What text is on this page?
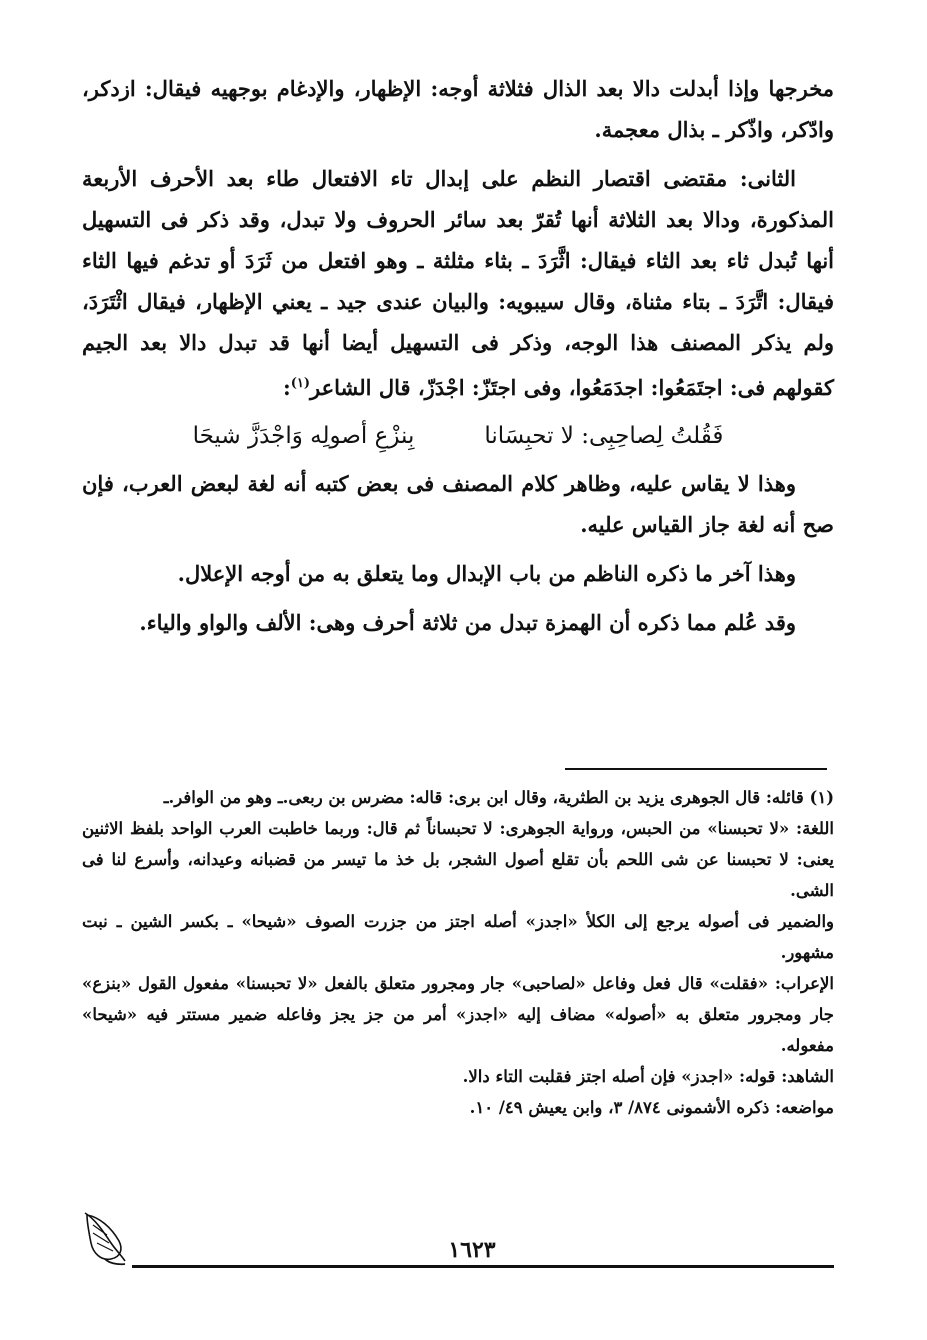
مخرجها وإذا أبدلت دالا بعد الذال فثلاثة أوجه: الإظهار، والإدغام بوجهيه فيقال: ازدكر، وادّكر، واذّكر ـ بذال معجمة.

الثانى: مقتضى اقتصار النظم على إبدال تاء الافتعال طاء بعد الأحرف الأربعة المذكورة، ودالا بعد الثلاثة أنها تُقرّ بعد سائر الحروف ولا تبدل، وقد ذكر فى التسهيل أنها تُبدل ثاء بعد الثاء فيقال: اثَّرَدَ ـ بثاء مثلثة ـ وهو افتعل من ثَرَدَ أو تدغم فيها الثاء فيقال: اتَّرَدَ ـ بتاء مثناة، وقال سيبويه: والبيان عندى جيد ـ يعني الإظهار، فيقال اثْتَرَدَ، ولم يذكر المصنف هذا الوجه، وذكر فى التسهيل أيضا أنها قد تبدل دالا بعد الجيم كقولهم فى: اجتَمَعُوا: اجدَمَعُوا، وفى اجتَزّ: اجْدَزّ، قال الشاعر$^{(١)}$:

فَقُلتُ لِصاحِبِى: لا تحبِسَانا
بِنزْعِ أصولِه وَاجْدَزَّ شيحَا

وهذا لا يقاس عليه، وظاهر كلام المصنف فى بعض كتبه أنه لغة لبعض العرب، فإن صح أنه لغة جاز القياس عليه.

وهذا آخر ما ذكره الناظم من باب الإبدال وما يتعلق به من أوجه الإعلال.

وقد عُلم مما ذكره أن الهمزة تبدل من ثلاثة أحرف وهى: الألف والواو والياء.

(١) قائله: قال الجوهرى يزيد بن الطثرية، وقال ابن برى: قاله: مضرس بن ربعى.ـ وهو من الوافر.ـ

اللغة: «لا تحبسنا» من الحبس، ورواية الجوهرى: لا تحبساناً ثم قال: وربما خاطبت العرب الواحد بلفظ الاثنين يعنى: لا تحبسنا عن شى اللحم بأن تقلع أصول الشجر، بل خذ ما تيسر من قضبانه وعيدانه، وأسرع لنا فى الشى.

والضمير فى أصوله يرجع إلى الكلأ «اجدز» أصله اجتز من جزرت الصوف «شيحا» ـ بكسر الشين ـ نبت مشهور.

الإعراب: «فقلت» قال فعل وفاعل «لصاحبى» جار ومجرور متعلق بالفعل «لا تحبسنا» مفعول القول «بنزع» جار ومجرور متعلق به «أصوله» مضاف إليه «اجدز» أمر من جز يجز وفاعله ضمير مستتر فيه «شيحا» مفعوله.

الشاهد: قوله: «اجدز» فإن أصله اجتز فقلبت التاء دالا.

مواضعه: ذكره الأشمونى ٨٧٤/ ٣، وابن يعيش ٤٩/ ١٠.

١٦٢٣
